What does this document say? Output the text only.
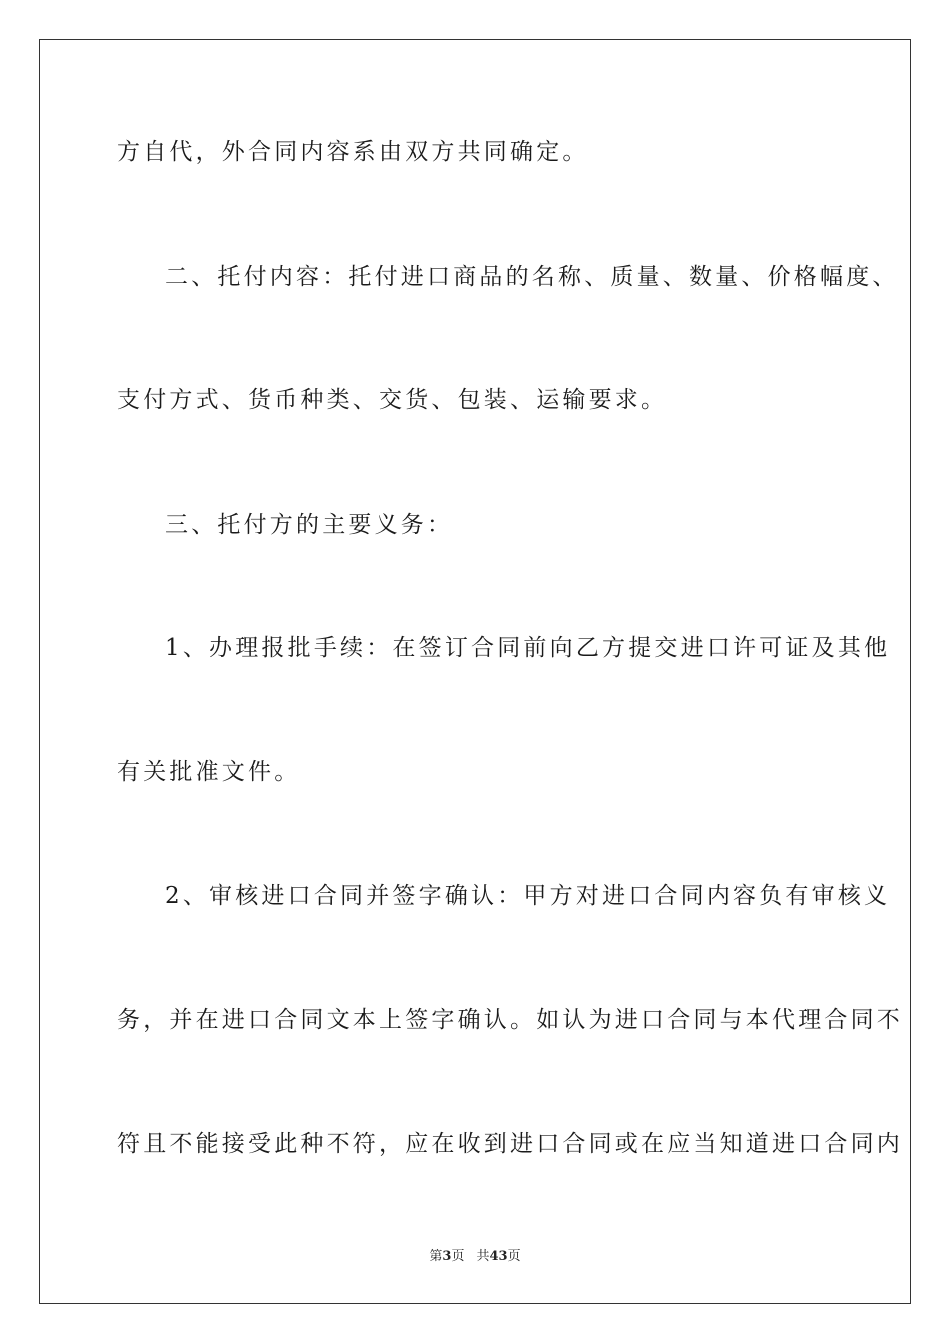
方自代，外合同内容系由双方共同确定。
二、托付内容：托付进口商品的名称、质量、数量、价格幅度、
支付方式、货币种类、交货、包装、运输要求。
三、托付方的主要义务：
1、办理报批手续：在签订合同前向乙方提交进口许可证及其他
有关批准文件。
2、审核进口合同并签字确认：甲方对进口合同内容负有审核义
务，并在进口合同文本上签字确认。如认为进口合同与本代理合同不
符且不能接受此种不符，应在收到进口合同或在应当知道进口合同内
第3页 共43页
